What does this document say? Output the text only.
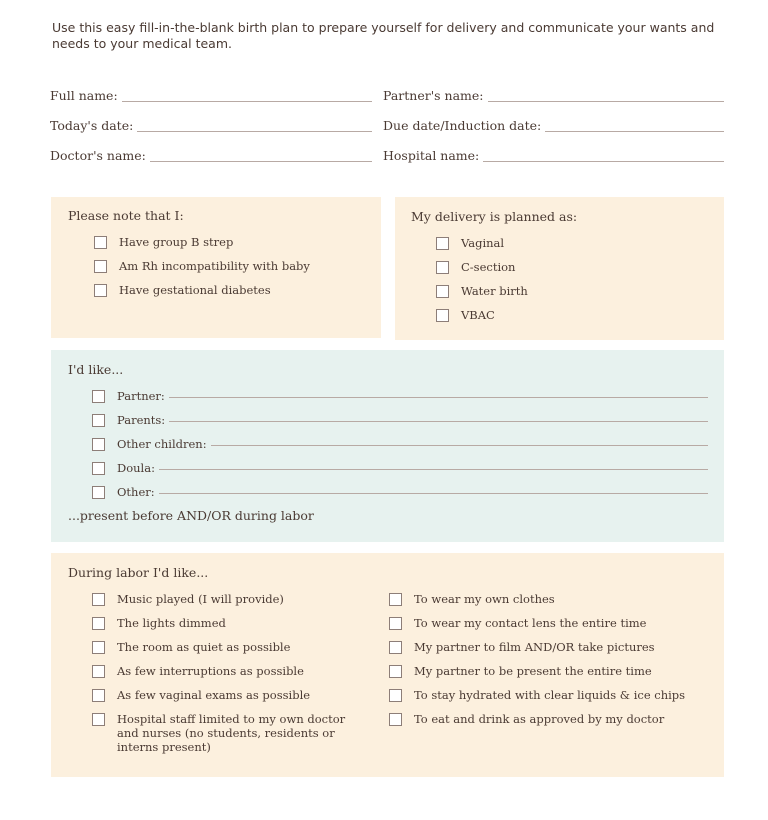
Use this easy fill-in-the-blank birth plan to prepare yourself for delivery and communicate your wants and needs to your medical team.
Full name:	Partner's name:
Today's date:	Due date/Induction date:
Doctor's name:	Hospital name:
Please note that I:
Have group B strep
Am Rh incompatibility with baby
Have gestational diabetes
My delivery is planned as:
Vaginal
C-section
Water birth
VBAC
I'd like...
Partner:
Parents:
Other children:
Doula:
Other:
...present before AND/OR during labor
During labor I'd like...
Music played (I will provide)
The lights dimmed
The room as quiet as possible
As few interruptions as possible
As few vaginal exams as possible
Hospital staff limited to my own doctor and nurses (no students, residents or interns present)
To wear my own clothes
To wear my contact lens the entire time
My partner to film AND/OR take pictures
My partner to be present the entire time
To stay hydrated with clear liquids & ice chips
To eat and drink as approved by my doctor
